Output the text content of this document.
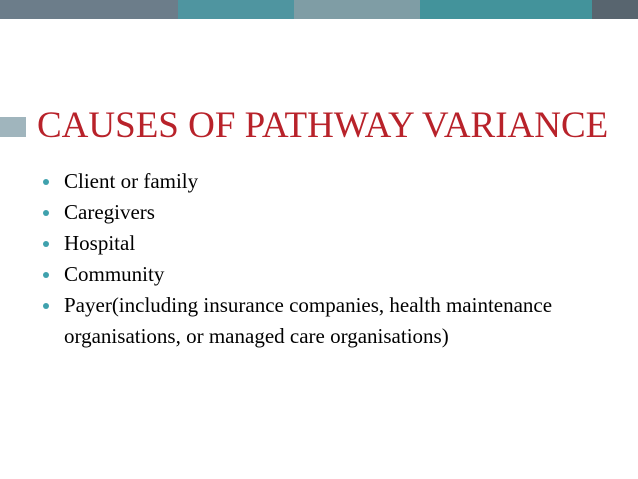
CAUSES OF PATHWAY VARIANCE
Client or family
Caregivers
Hospital
Community
Payer(including insurance companies, health maintenance organisations, or managed care organisations)
